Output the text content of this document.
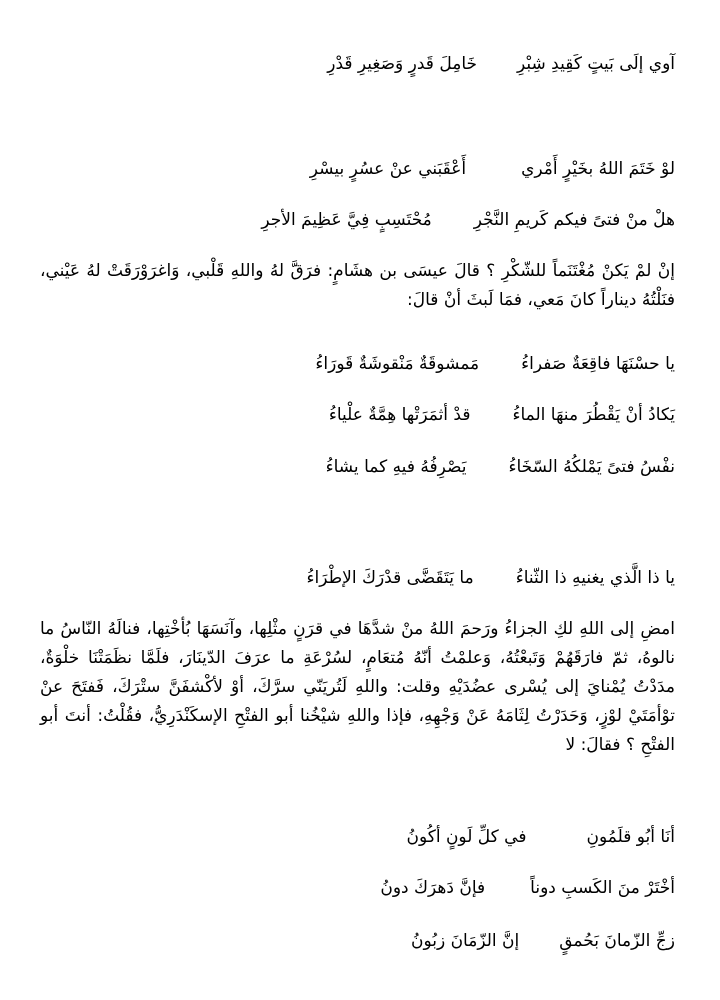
آوي إلَى بَيتٍ كَقِيدِ شِبْرِ
خَامِلَ قَدرٍ وَصَغِيرِ قَدْرِ
لوْ خَتَمَ اللهُ بخَيْرٍ أَمْري
أَعْقَبَني عنْ عسُرٍ بيسْرِ
هلْ منْ فتىً فيكم كَريمِ النَّجْرِ
مُحْتَسِبٍ فِيَّ عَظِيمَ الأجرِ
إنْ لمْ يَكنْ مُغْتَنَماً للشّكْرِ ؟ قالَ عيسَى بن هشَامٍ: فرَقَّ لهُ واللهِ قَلْبي، وَاغرَوْرَقَتْ لهُ عَيْني، فنَلْتُهُ ديناراً كانَ مَعي، فمَا لَبثَ أنْ قالَ:
يا حسْنَهَا فاقِعَةٌ صَفراءُ
مَمشوقَةٌ مَنْقوشَةٌ قَورَاءُ
يَكادُ أنْ يَقْطُرَ منهَا الماءُ
قدْ أثمَرَتْها هِمَّةٌ علْياءُ
نفْسُ فتىً يَمْلكُهُ السّخَاءُ
يَصْرِفُهُ فيهِ كما يشاءُ
يا ذا الَّذي يغنيهِ ذا الثّناءُ
ما يَتَقَضَّى قدْرَكَ الإطْرَاءُ
امضِ إلى اللهِ لكِ الجزاءُ ورَحمَ اللهُ منْ شدَّهَا في قرَنٍ مثْلِها، وآنَسَهَا بُأخْتِها، فنالَهُ النّاسُ ما نالوهُ، ثمّ فارَقَهُمْ وَتَبعْتُهُ، وَعلمْتُ أنّهُ مُتعَامٍ، لسُرْعَةِ ما عرَفَ الدّينَارَ، فلَمَّا نظَمَتْنَا خلْوَةٌ، مدَدْتُ يُمْنايَ إلى يُسْرى عضُدَيْهِ وقلت: واللهِ لَتُريَنّي سرَّكَ، أوْ لأكْشفَنَّ ستْرَكَ، فَفتَحَ عنْ توْأمَتَيْ لوْزٍ، وَحَدَرْتُ لِثَامَهُ عَنْ وَجْهِهِ، فإذا واللهِ شيْخُنا أبو الفتْحِ الإسكَنْدَرِيُّ، فقُلْتُ: أنتَ أبو الفتْحِ ؟ فقالَ: لا
أنَا أبُو قلَمُونِ
في كلِّ لَونٍ أكُونُ
أخْتَرْ منَ الكَسبِ دوناً
فإنَّ دَهرَكَ دونُ
زجِّ الزّمانَ بَحُمقٍ
إنَّ الزّمَانَ زبُونُ
